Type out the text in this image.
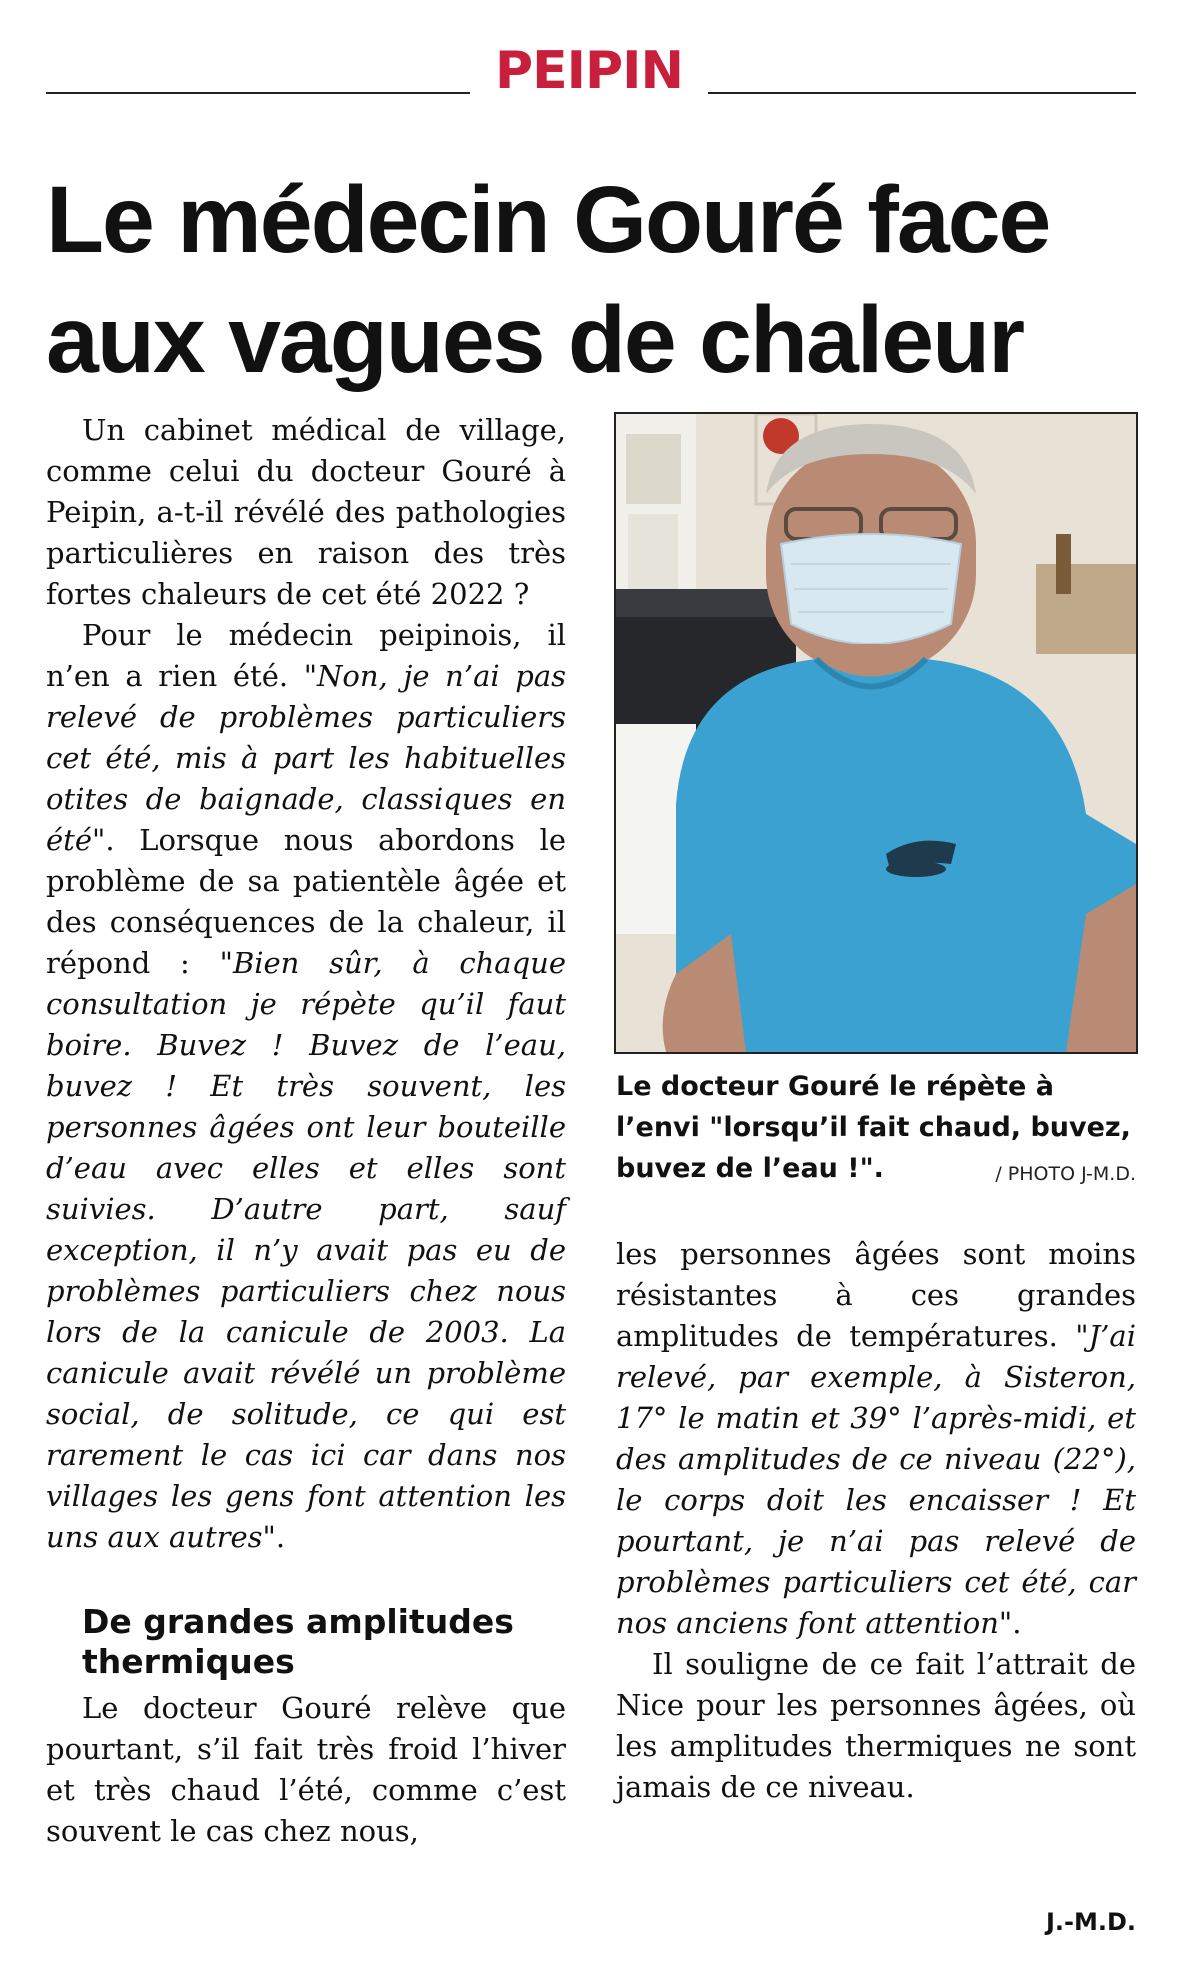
PEIPIN
Le médecin Gouré face
aux vagues de chaleur

Un cabinet médical de village, comme celui du docteur Gouré à Peipin, a-t-il révélé des pathologies particulières en raison des très fortes chaleurs de cet été 2022 ?

Pour le médecin peipinois, il n’en a rien été. "Non, je n’ai pas relevé de problèmes particuliers cet été, mis à part les habituelles otites de baignade, classiques en été". Lorsque nous abordons le problème de sa patientèle âgée et des conséquences de la chaleur, il répond : "Bien sûr, à chaque consultation je répète qu’il faut boire. Buvez ! Buvez de l’eau, buvez ! Et très souvent, les personnes âgées ont leur bouteille d’eau avec elles et elles sont suivies. D’autre part, sauf exception, il n’y avait pas eu de problèmes particuliers chez nous lors de la canicule de 2003. La canicule avait révélé un problème social, de solitude, ce qui est rarement le cas ici car dans nos villages les gens font attention les uns aux autres".

De grandes amplitudes thermiques

Le docteur Gouré relève que pourtant, s’il fait très froid l’hiver et très chaud l’été, comme c’est souvent le cas chez nous,

Le docteur Gouré le répète à l’envi "lorsqu’il fait chaud, buvez, buvez de l’eau !".	/ PHOTO J-M.D.

les personnes âgées sont moins résistantes à ces grandes amplitudes de températures. "J’ai relevé, par exemple, à Sisteron, 17° le matin et 39° l’après-midi, et des amplitudes de ce niveau (22°), le corps doit les encaisser ! Et pourtant, je n’ai pas relevé de problèmes particuliers cet été, car nos anciens font attention".

Il souligne de ce fait l’attrait de Nice pour les personnes âgées, où les amplitudes thermiques ne sont jamais de ce niveau.

J.-M.D.
